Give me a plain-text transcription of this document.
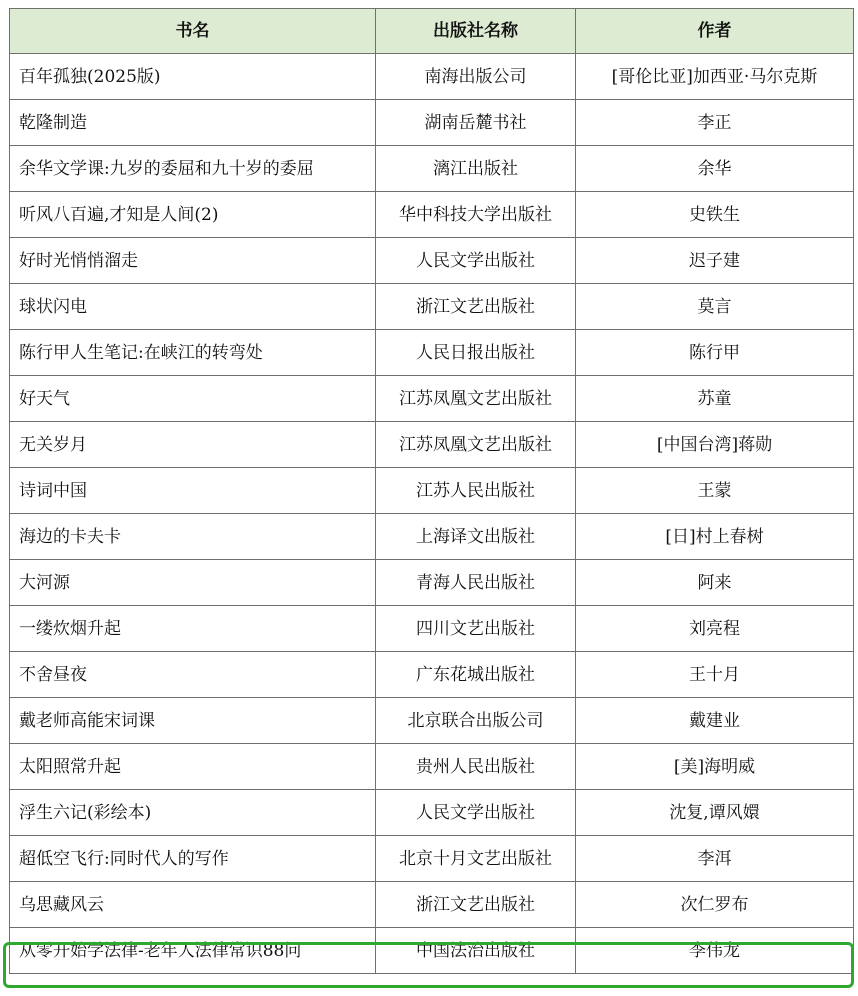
书名	出版社名称	作者
百年孤独(2025版)	南海出版公司	[哥伦比亚]加西亚·马尔克斯
乾隆制造	湖南岳麓书社	李正
余华文学课:九岁的委屈和九十岁的委屈	漓江出版社	余华
听风八百遍,才知是人间(2)	华中科技大学出版社	史铁生
好时光悄悄溜走	人民文学出版社	迟子建
球状闪电	浙江文艺出版社	莫言
陈行甲人生笔记:在峡江的转弯处	人民日报出版社	陈行甲
好天气	江苏凤凰文艺出版社	苏童
无关岁月	江苏凤凰文艺出版社	[中国台湾]蒋勋
诗词中国	江苏人民出版社	王蒙
海边的卡夫卡	上海译文出版社	[日]村上春树
大河源	青海人民出版社	阿来
一缕炊烟升起	四川文艺出版社	刘亮程
不舍昼夜	广东花城出版社	王十月
戴老师高能宋词课	北京联合出版公司	戴建业
太阳照常升起	贵州人民出版社	[美]海明威
浮生六记(彩绘本)	人民文学出版社	沈复,谭风嬛
超低空飞行:同时代人的写作	北京十月文艺出版社	李洱
乌思藏风云	浙江文艺出版社	次仁罗布
从零开始学法律-老年人法律常识88问	中国法治出版社	李伟龙
